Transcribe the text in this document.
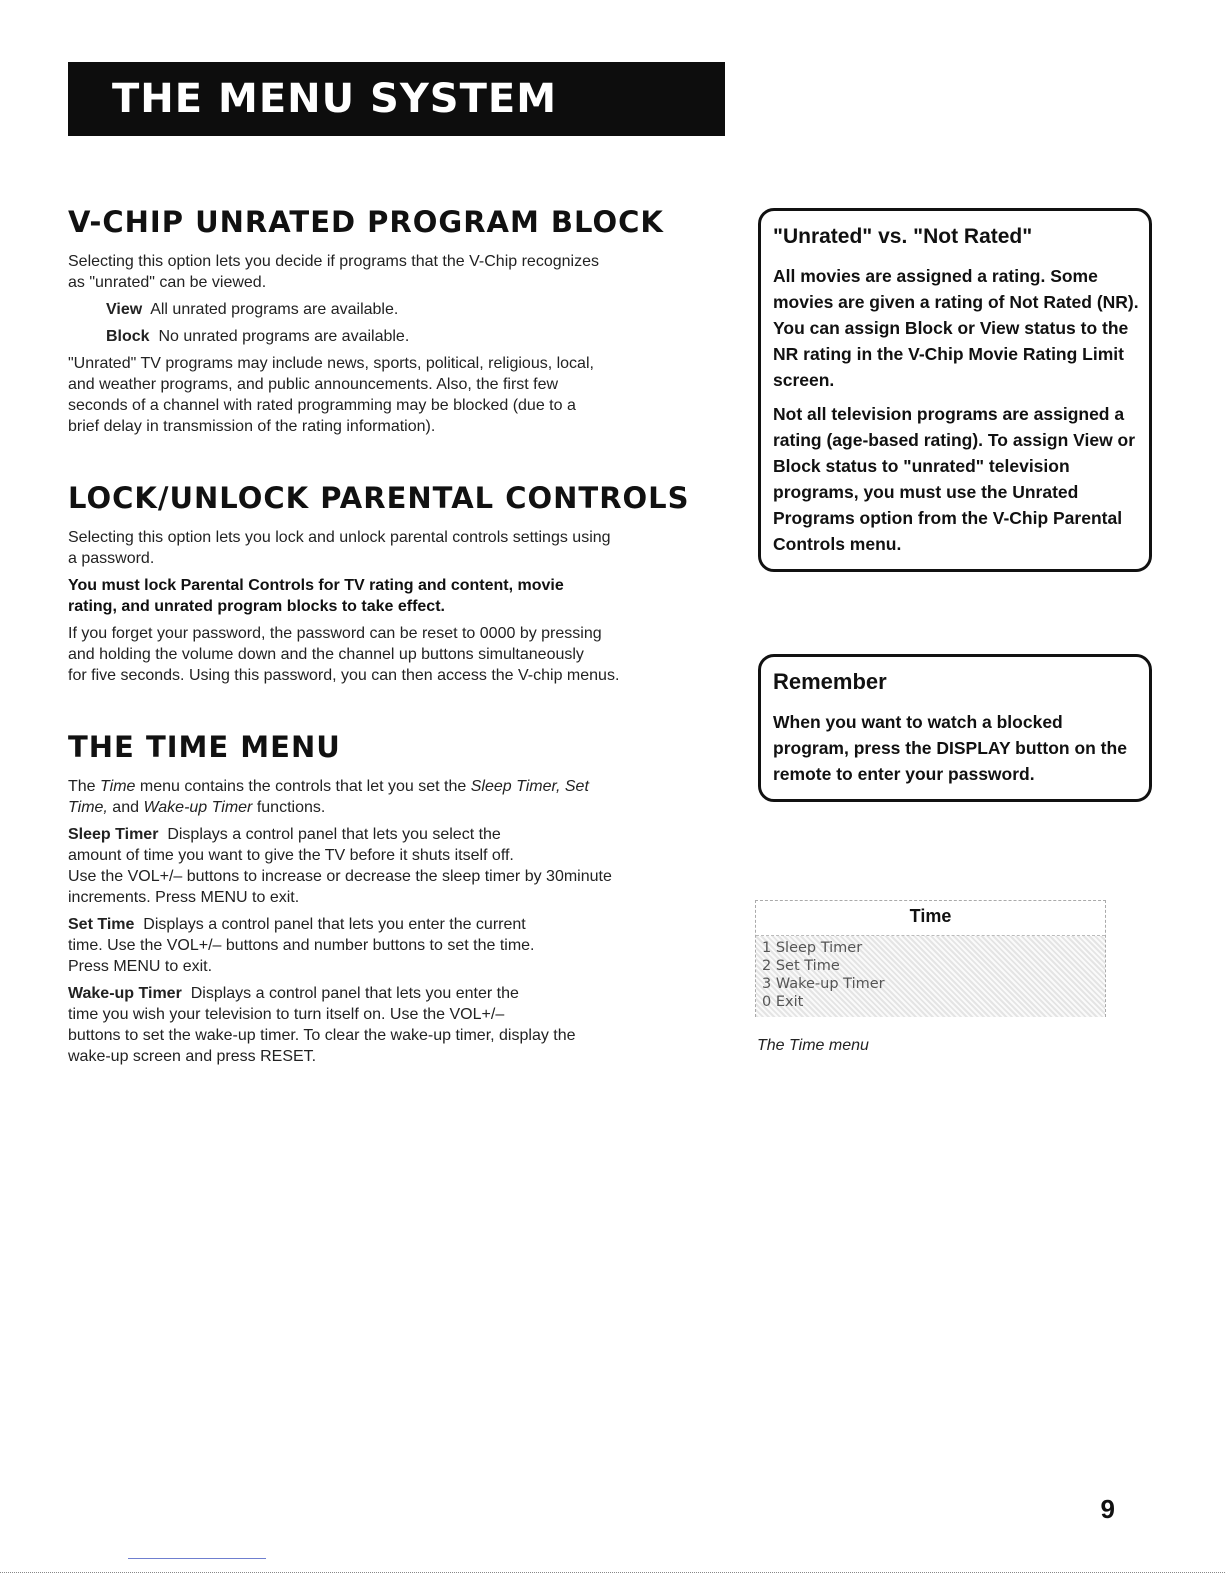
THE MENU SYSTEM
V-CHIP UNRATED PROGRAM BLOCK

Selecting this option lets you decide if programs that the V-Chip recognizes

as "unrated" can be viewed.

View All unrated programs are available.

Block No unrated programs are available.

"Unrated" TV programs may include news, sports, political, religious, local,

and weather programs, and public announcements. Also, the first few

seconds of a channel with rated programming may be blocked (due to a

brief delay in transmission of the rating information).

LOCK/UNLOCK PARENTAL CONTROLS

Selecting this option lets you lock and unlock parental controls settings using

a password.

You must lock Parental Controls for TV rating and content, movie

rating, and unrated program blocks to take effect.

If you forget your password, the password can be reset to 0000 by pressing

and holding the volume down and the channel up buttons simultaneously

for five seconds. Using this password, you can then access the V-chip menus.

THE TIME MENU

The Time menu contains the controls that let you set the Sleep Timer, Set

Time, and Wake-up Timer functions.

Sleep Timer Displays a control panel that lets you select the

amount of time you want to give the TV before it shuts itself off.

Use the VOL+/– buttons to increase or decrease the sleep timer by 30minute

increments. Press MENU to exit.

Set Time Displays a control panel that lets you enter the current

time. Use the VOL+/– buttons and number buttons to set the time.

Press MENU to exit.

Wake-up Timer Displays a control panel that lets you enter the

time you wish your television to turn itself on. Use the VOL+/–

buttons to set the wake-up timer. To clear the wake-up timer, display the

wake-up screen and press RESET.

"Unrated" vs. "Not Rated"

All movies are assigned a rating. Some movies are given a rating of Not Rated (NR). You can assign Block or View status to the NR rating in the V-Chip Movie Rating Limit screen.

Not all television programs are assigned a rating (age-based rating). To assign View or Block status to "unrated" television programs, you must use the Unrated Programs option from the V-Chip Parental Controls menu.

Remember

When you want to watch a blocked program, press the DISPLAY button on the remote to enter your password.

Time
1 Sleep Timer
2 Set Time
3 Wake-up Timer
0 Exit
The Time menu
9
